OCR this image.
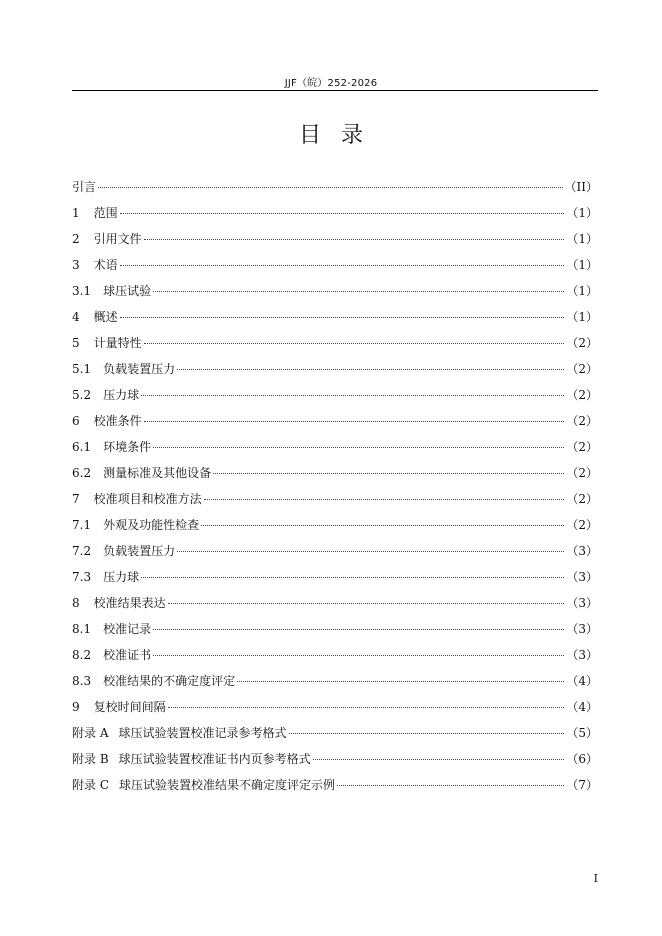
JJF（皖）252-2026
目录
引言	（II）
1 范围	（1）
2 引用文件	（1）
3 术语	（1）
3.1 球压试验	（1）
4 概述	（1）
5 计量特性	（2）
5.1 负载装置压力	（2）
5.2 压力球	（2）
6 校准条件	（2）
6.1 环境条件	（2）
6.2 测量标准及其他设备	（2）
7 校准项目和校准方法	（2）
7.1 外观及功能性检查	（2）
7.2 负载装置压力	（3）
7.3 压力球	（3）
8 校准结果表达	（3）
8.1 校准记录	（3）
8.2 校准证书	（3）
8.3 校准结果的不确定度评定	（4）
9 复校时间间隔	（4）
附录 A 球压试验装置校准记录参考格式	（5）
附录 B 球压试验装置校准证书内页参考格式	（6）
附录 C 球压试验装置校准结果不确定度评定示例	（7）
I
